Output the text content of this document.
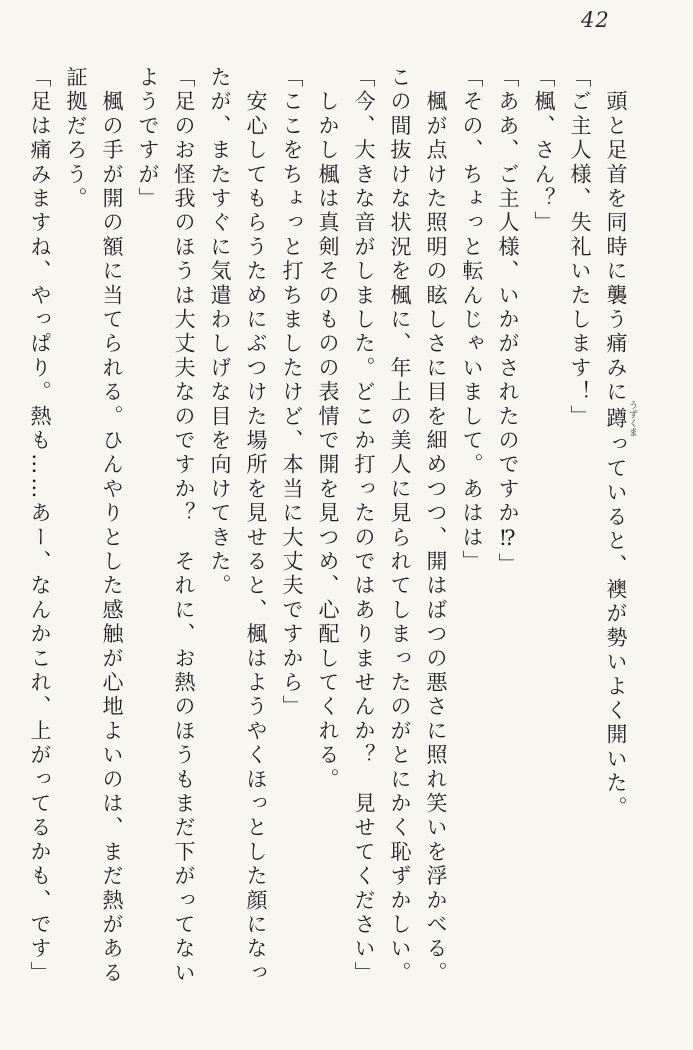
42

　頭と足首を同時に襲う痛みに蹲 うずくまっていると、襖が勢いよく開いた。

「ご主人様、失礼いたします！」

「楓、さん？」

「ああ、ご主人様、いかがされたのですか⁉」

「その、ちょっと転んじゃいまして。あはは」

　楓が点けた照明の眩しさに目を細めつつ、開はばつの悪さに照れ笑いを浮かべる。

この間抜けな状況を楓に、年上の美人に見られてしまったのがとにかく恥ずかしい。

「今、大きな音がしました。どこか打ったのではありませんか？　見せてください」

　しかし楓は真剣そのものの表情で開を見つめ、心配してくれる。

「ここをちょっと打ちましたけど、本当に大丈夫ですから」

　安心してもらうためにぶつけた場所を見せると、楓はようやくほっとした顔になっ

たが、またすぐに気遣わしげな目を向けてきた。

「足のお怪我のほうは大丈夫なのですか？　それに、お熱のほうもまだ下がってない

ようですが」

　楓の手が開の額に当てられる。ひんやりとした感触が心地よいのは、まだ熱がある

証拠だろう。

「足は痛みますね、やっぱり。熱も……あー、なんかこれ、上がってるかも、です」
